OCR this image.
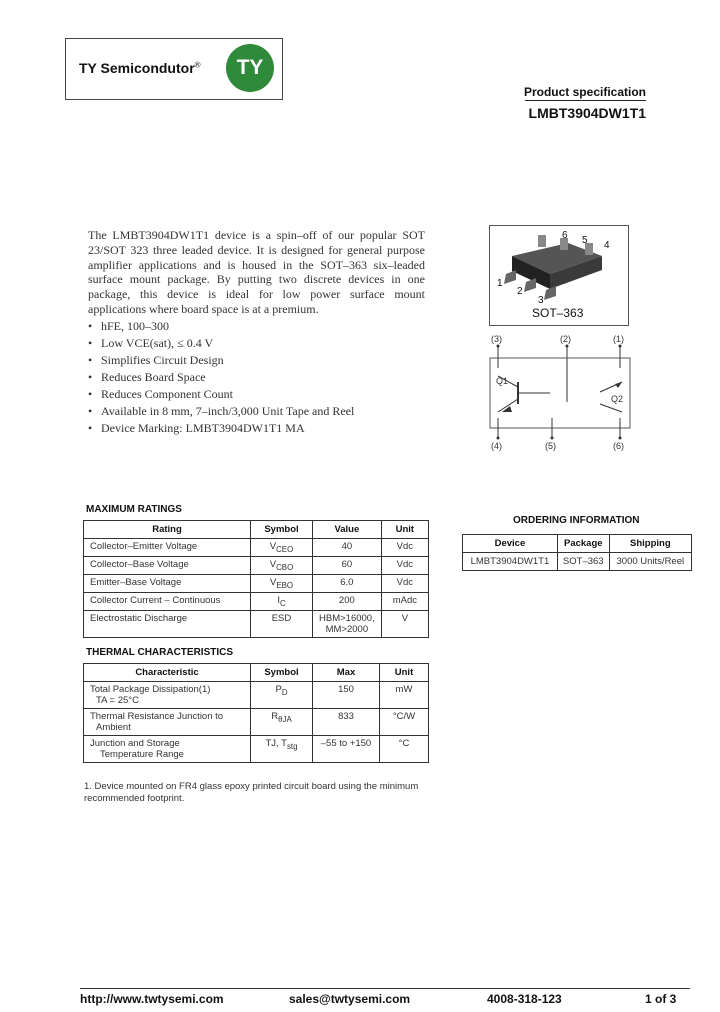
TY Semicondutor®	TY
Product specification
LMBT3904DW1T1
The LMBT3904DW1T1 device is a spin–off of our popular SOT 23/SOT 323 three leaded device. It is designed for general purpose amplifier applications and is housed in the SOT–363 six–leaded surface mount package. By putting two discrete devices in one package, this device is ideal for low power surface mount applications where board space is at a premium.
• hFE, 100–300
• Low VCE(sat), ≤ 0.4 V
• Simplifies Circuit Design
• Reduces Board Space
• Reduces Component Count
• Available in 8 mm, 7–inch/3,000 Unit Tape and Reel
• Device Marking: LMBT3904DW1T1 MA
6 5 4
1
2
3
SOT–363
(3)	(2)	(1)
(4)	(5)	(6)
Q1
Q2
MAXIMUM RATINGS
Rating	Symbol	Value	Unit
Collector–Emitter Voltage	$V_{CEO}$	40	Vdc
Collector–Base Voltage	$V_{CBO}$	60	Vdc
Emitter–Base Voltage	$V_{EBO}$	6.0	Vdc
Collector Current – Continuous	$I_C$	200	mAdc
Electrostatic Discharge	ESD	HBM>16000, MM>2000	V
THERMAL CHARACTERISTICS
Characteristic	Symbol	Max	Unit

Total Package Dissipation(1)
TA = 25°C	$P_D$	150	mW

Thermal Resistance Junction to
Ambient	$R_{\theta JA}$	833	°C/W

Junction and Storage
Temperature Range	TJ, $T_{stg}$	–55 to +150	°C
1. Device mounted on FR4 glass epoxy printed circuit board using the minimum recommended footprint.
ORDERING INFORMATION
Device	Package	Shipping
LMBT3904DW1T1	SOT–363	3000 Units/Reel
http://www.twtysemi.com	sales@twtysemi.com	4008-318-123	1 of 3
